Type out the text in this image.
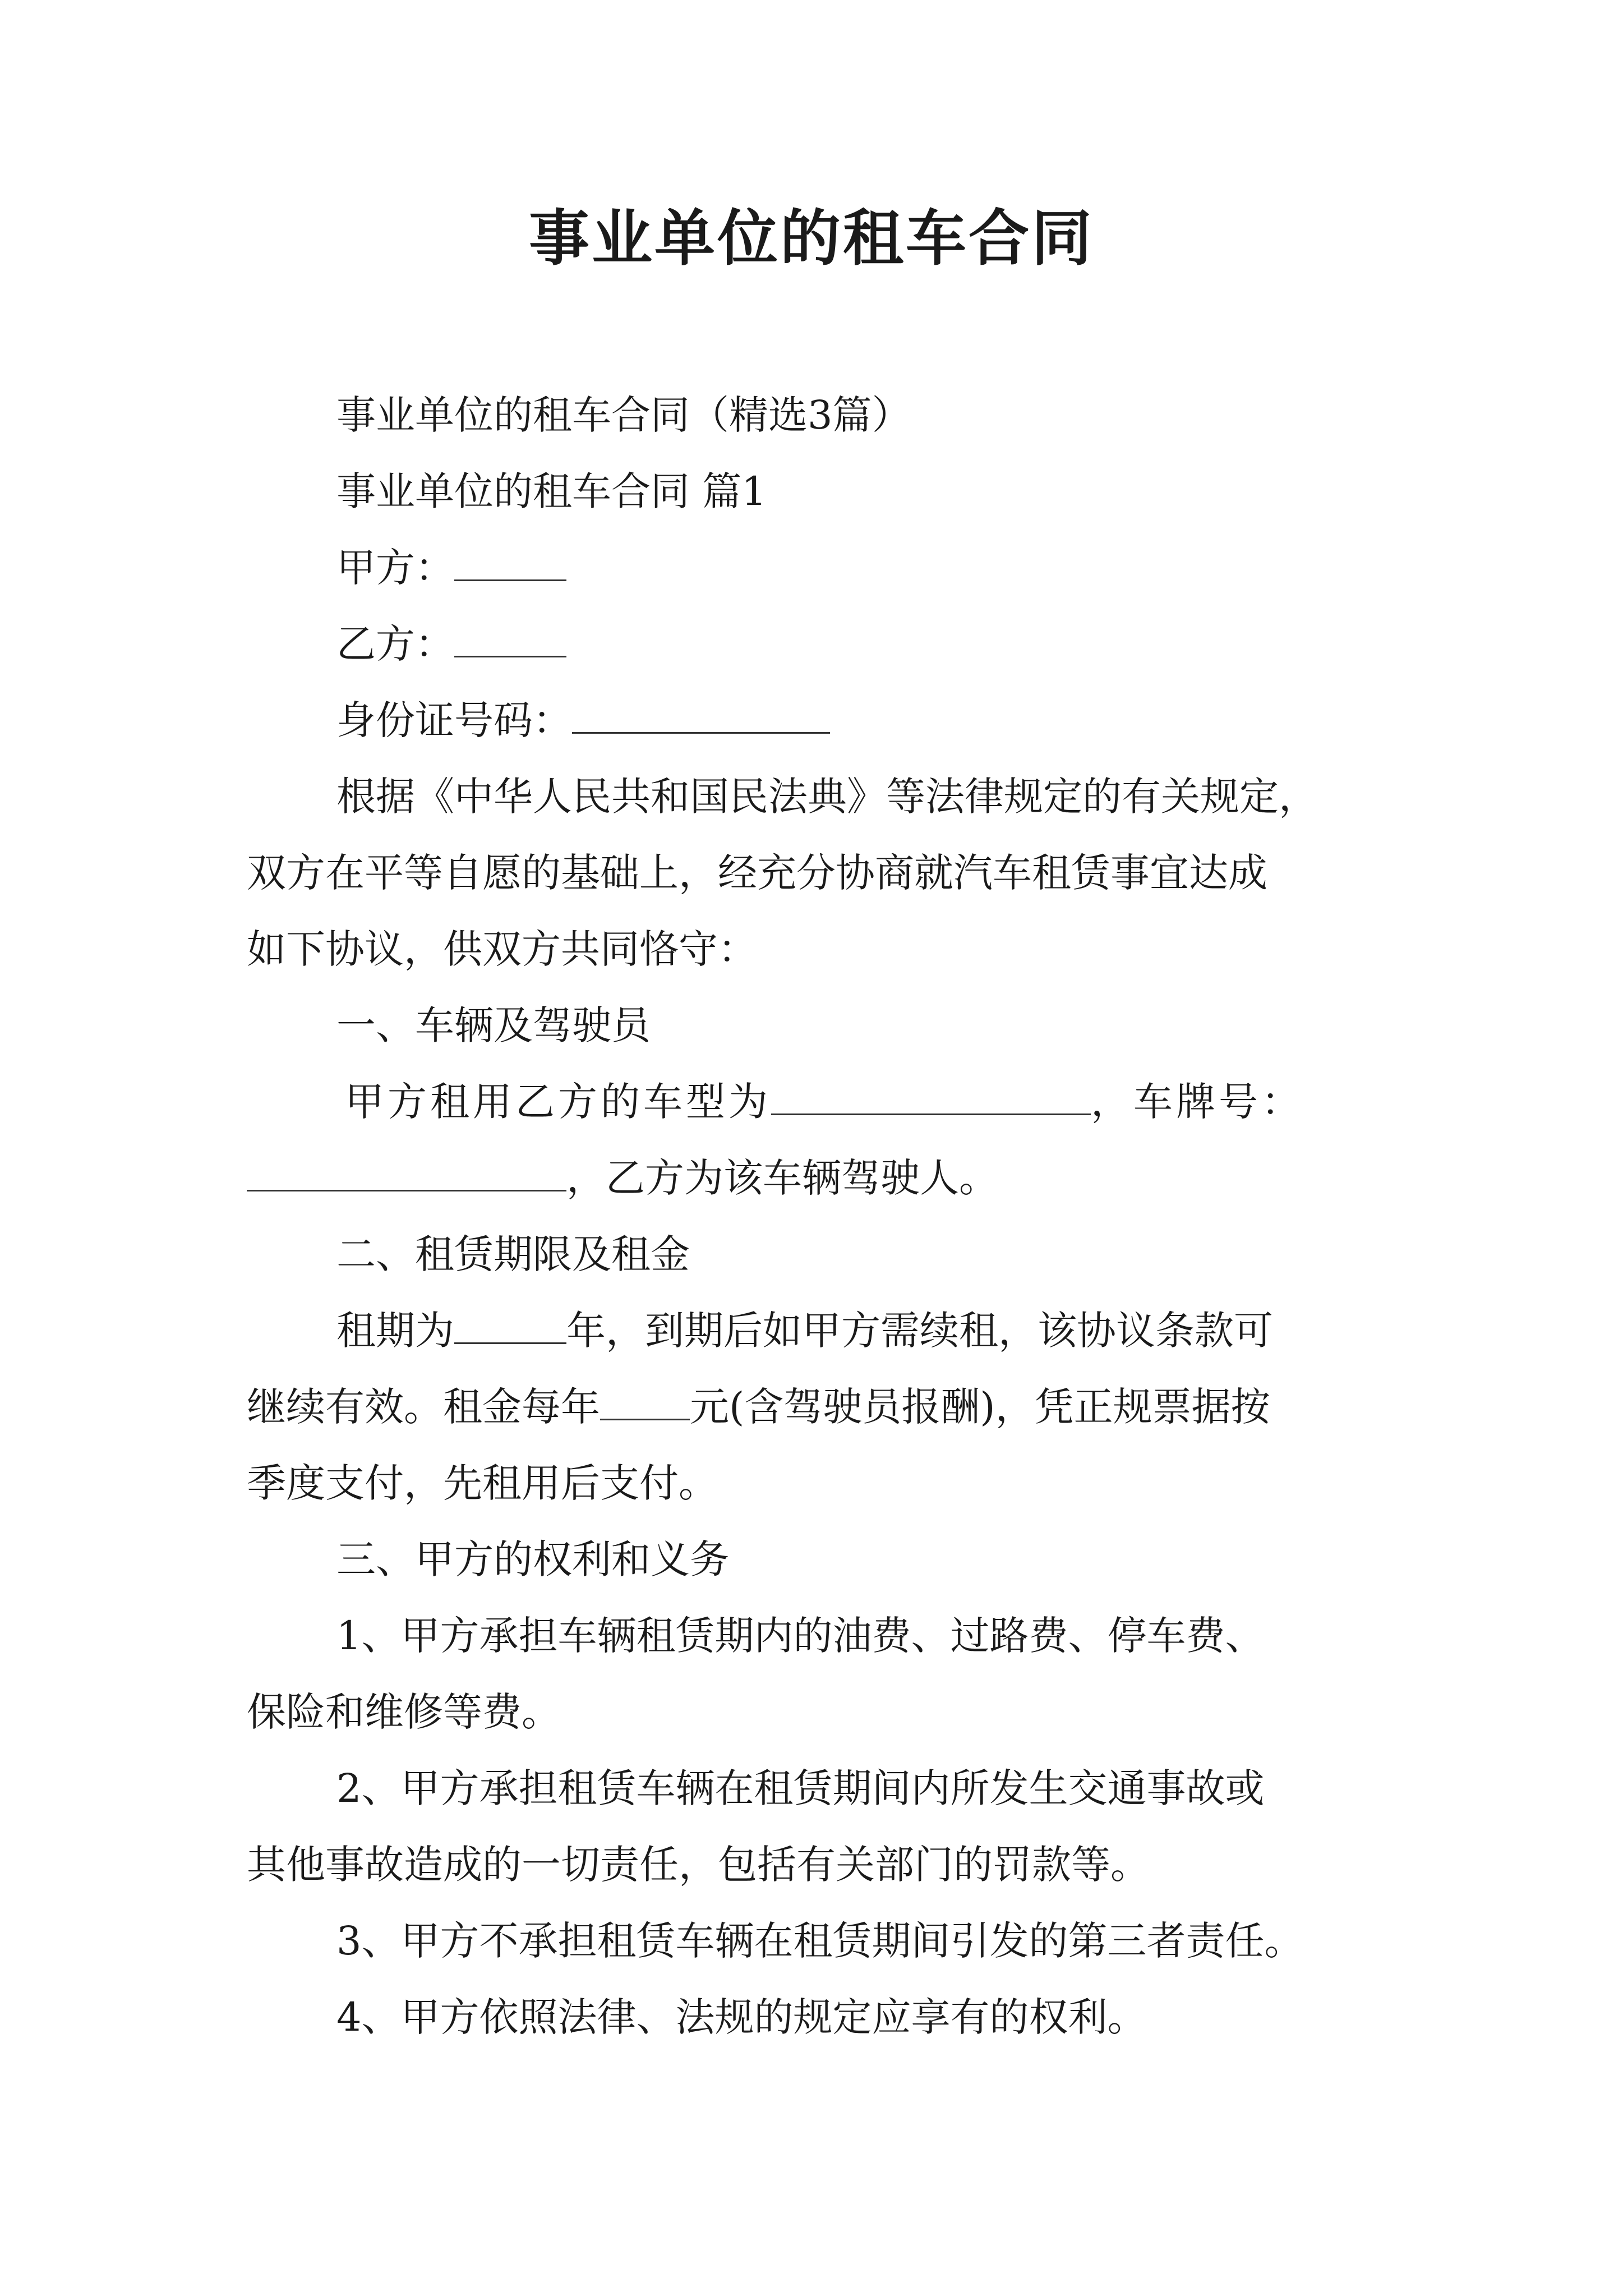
事业单位的租车合同
事业单位的租车合同（精选3篇）
事业单位的租车合同 篇1
甲方：
乙方：
身份证号码：
根据《中华人民共和国民法典》等法律规定的有关规定，
双方在平等自愿的基础上，经充分协商就汽车租赁事宜达成
如下协议，供双方共同恪守：
一、车辆及驾驶员
甲方租用乙方的车型为	，车牌号：
，乙方为该车辆驾驶人。
二、租赁期限及租金
租期为	年，到期后如甲方需续租，该协议条款可
继续有效。租金每年 元(含驾驶员报酬)，凭正规票据按
季度支付，先租用后支付。
三、甲方的权利和义务
1、甲方承担车辆租赁期内的油费、过路费、停车费、
保险和维修等费。
2、甲方承担租赁车辆在租赁期间内所发生交通事故或
其他事故造成的一切责任，包括有关部门的罚款等。
3、甲方不承担租赁车辆在租赁期间引发的第三者责任。
4、甲方依照法律、法规的规定应享有的权利。
